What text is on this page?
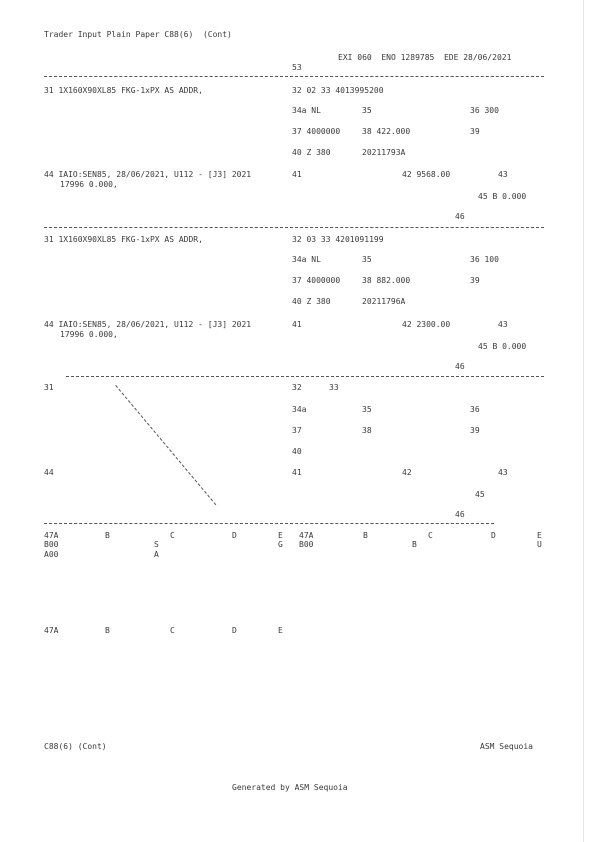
Trader Input Plain Paper C88(6)  (Cont)
EXI 060  ENO 1289785  EDE 28/06/2021
53
31 1X160X90XL85 FKG-1xPX AS ADDR,	32 02 33 4013995200
34a NL	35	36 300
37 4000000	38 422.000	39
40 Z 380	20211793A
44 IAIO:SEN85, 28/06/2021, U112 - [J3] 2021
17996 0.000,
41	42 9568.00	43
45 B 0.000
46
31 1X160X90XL85 FKG-1xPX AS ADDR,	32 03 33 4201091199
34a NL	35	36 100
37 4000000	38 882.000	39
40 Z 380	20211796A
44 IAIO:SEN85, 28/06/2021, U112 - [J3] 2021
17996 0.000,
41	42 2300.00	43
45 B 0.000
46
31	32	33
34a	35	36
37	38	39
40
44	41	42	43
45
46
47A	B	C	D	E 47A	B	C	D	E
B00	S	G B00	B	U
A00	A
47A	B	C	D	E
C88(6) (Cont)	ASM Sequoia
Generated by ASM Sequoia
